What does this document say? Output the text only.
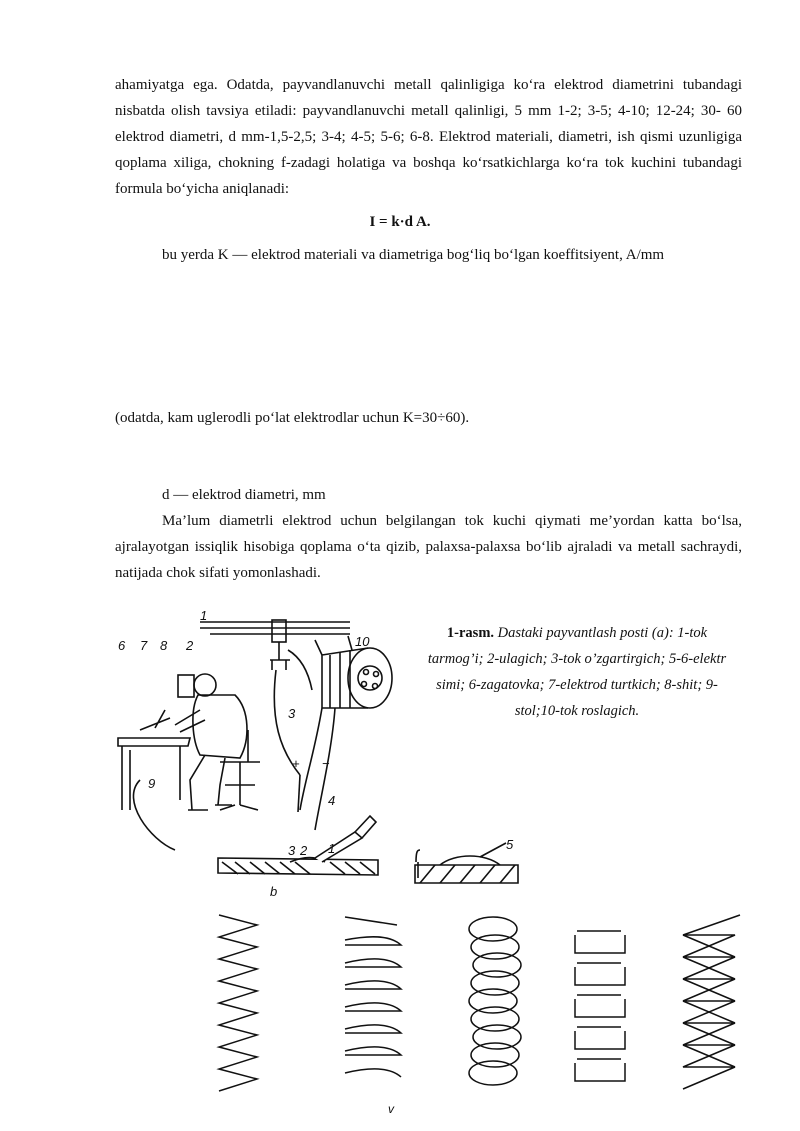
ahamiyatga ega. Odatda, payvandlanuvchi metall qalinligiga ko‘ra elektrod diametrini tubandagi nisbatda olish tavsiya etiladi: payvandlanuvchi metall qalinligi, 5 mm 1-2; 3-5; 4-10; 12-24; 30- 60 elektrod diametri, d mm-1,5-2,5; 3-4; 4-5; 5-6; 6-8. Elektrod materiali, diametri, ish qismi uzunligiga qoplama xiliga, chokning f-zadagi holatiga va boshqa ko‘rsatkichlarga ko‘ra tok kuchini tubandagi formula bo‘yicha aniqlanadi:

I = k·d A.

bu yerda K — elektrod materiali va diametriga bog‘liq bo‘lgan koeffitsiyent, A/mm

(odatda, kam uglerodli po‘lat elektrodlar uchun K=30÷60).

d — elektrod diametri, mm

Ma’lum diametrli elektrod uchun belgilangan tok kuchi qiymati me’yordan katta bo‘lsa, ajralayotgan issiqlik hisobiga qoplama o‘ta qizib, palaxsa-palaxsa bo‘lib ajraladi va metall sachraydi, natijada chok sifati yomonlashadi.

1-rasm. Dastaki payvantlash posti (a): 1-tok tarmog’i; 2-ulagich; 3-tok o’zgartirgich; 5-6-elektr simi; 6-zagatovka; 7-elektrod turtkich; 8-shit; 9-stol;10-tok roslagich.
1
2
3
4
6 7 8
9
10
+ −
3 2 1
b
5
v
